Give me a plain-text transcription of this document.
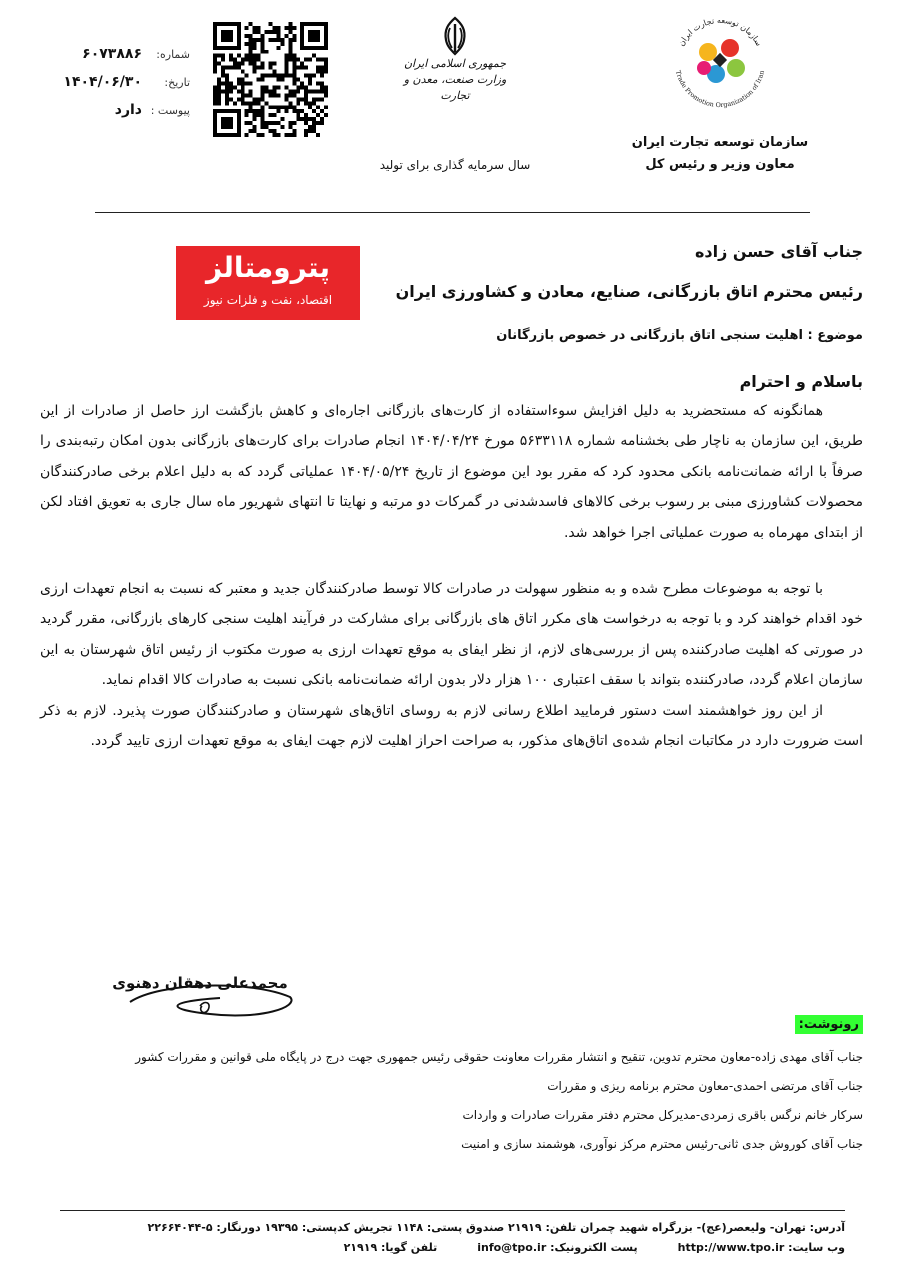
سازمان توسعه تجارت ایران
Trade Promotion Organization of Iran
سازمان توسعه تجارت ایران
معاون وزیر و رئیس کل
جمهوری اسلامی ایران
وزارت صنعت، معدن و تجارت
سال سرمایه گذاری برای تولید
شماره:
۶۰۷۳۸۸۶
تاریخ:
۱۴۰۴/۰۶/۳۰
پیوست :
دارد
جناب آقای حسن زاده
رئیس محترم اتاق بازرگانی، صنایع، معادن و کشاورزی ایران
پترومتالز
اقتصاد، نفت و فلزات نیوز
موضوع : اهلیت سنجی اتاق بازرگانی در خصوص بازرگانان
باسلام و احترام

همانگونه که مستحضرید به دلیل افزایش سوءاستفاده از کارت‌های بازرگانی اجاره‌ای و کاهش بازگشت ارز حاصل از صادرات از این طریق، این سازمان به ناچار طی بخشنامه شماره ۵۶۳۳۱۱۸ مورخ ۱۴۰۴/۰۴/۲۴ انجام صادرات برای کارت‌های بازرگانی بدون امکان رتبه‌بندی را صرفاً با ارائه ضمانت‌نامه بانکی محدود کرد که مقرر بود این موضوع از تاریخ ۱۴۰۴/۰۵/۲۴ عملیاتی گردد که به دلیل اعلام برخی صادرکنندگان محصولات کشاورزی مبنی بر رسوب برخی کالاهای فاسدشدنی در گمرکات دو مرتبه و نهایتا تا انتهای شهریور ماه سال جاری به تعویق افتاد لکن از ابتدای مهرماه به صورت عملیاتی اجرا خواهد شد.

با توجه به موضوعات مطرح شده و به منظور سهولت در صادرات کالا توسط صادرکنندگان جدید و معتبر که نسبت به انجام تعهدات ارزی خود اقدام خواهند کرد و با توجه به درخواست های مکرر اتاق های بازرگانی برای مشارکت در فرآیند اهلیت سنجی کارهای بازرگانی، مقرر گردید در صورتی که اهلیت صادرکننده پس از بررسی‌های لازم، از نظر ایفای به موقع تعهدات ارزی به صورت مکتوب از رئیس اتاق شهرستان به این سازمان اعلام گردد، صادرکننده بتواند با سقف اعتباری ۱۰۰ هزار دلار بدون ارائه ضمانت‌نامه بانکی نسبت به صادرات کالا اقدام نماید.

از این روز خواهشمند است دستور فرمایید اطلاع رسانی لازم به روسای اتاق‌های شهرستان و صادرکنندگان صورت پذیرد. لازم به ذکر است ضرورت دارد در مکاتبات انجام شده‌ی اتاق‌های مذکور، به صراحت احراز اهلیت لازم جهت ایفای به موقع تعهدات ارزی تایید گردد.

محمدعلی دهقان دهنوی
رونوشت:
جناب آقای مهدی زاده-معاون محترم تدوین، تنقیح و انتشار مقررات معاونت حقوقی رئیس جمهوری جهت درج در پایگاه ملی قوانین و مقررات کشور
جناب آقای مرتضی احمدی-معاون محترم برنامه ریزی و مقررات
سرکار خانم نرگس باقری زمردی-مدیرکل محترم دفتر مقررات صادرات و واردات
جناب آقای کوروش جدی ثانی-رئیس محترم مرکز نوآوری، هوشمند سازی و امنیت
آدرس: تهران- ولیعصر(عج)- بزرگراه شهید چمران تلفن: ۲۱۹۱۹ صندوق پستی: ۱۱۴۸ تجریش کدپستی: ۱۹۳۹۵ دورنگار: ۵-۲۲۶۶۴۰۴۴
وب سایت: http://www.tpo.ir
پست الکترونیک: info@tpo.ir
تلفن گویا: ۲۱۹۱۹
